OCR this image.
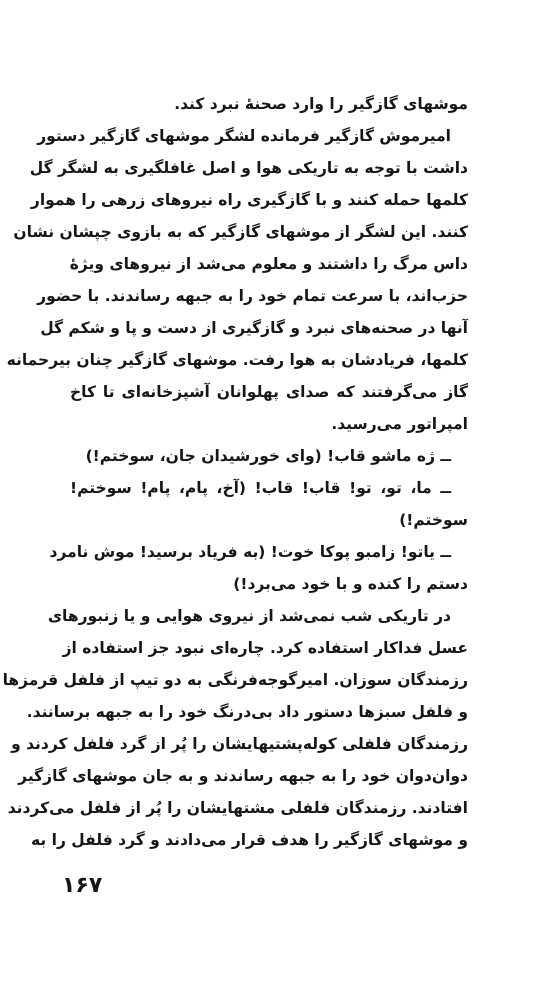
موشهای گازگیر را وارد صحنهٔ نبرد کند.
امیرموش گازگیر فرمانده لشگر موشهای گازگیر دستور
داشت با توجه به تاریکی هوا و اصل غافلگیری به لشگر گل
کلمها حمله کنند و با گازگیری راه نیروهای زرهی را هموار
کنند. این لشگر از موشهای گازگیر که به بازوی چپشان نشان
داس مرگ را داشتند و معلوم می‌شد از نیروهای ویژهٔ
حزب‌اند، با سرعت تمام خود را به جبهه رساندند. با حضور
آنها در صحنه‌های نبرد و گازگیری از دست و پا و شکم گل
کلمها، فریادشان به هوا رفت. موشهای گازگیر چنان بیرحمانه
گاز می‌گرفتند که صدای پهلوانان آشپزخانه‌ای تا کاخ
امپراتور می‌رسید.
ــ ژه ماشو قاب! (وای خورشیدان جان، سوختم!)
ــ ما، تو، تو! قاب! قاب! (آخ، پام، پام! سوختم!
سوختم!)
ــ یاتو! زامبو پوکا خوت! (به فریاد برسید! موش نامرد
دستم را کنده و با خود می‌برد!)
در تاریکی شب نمی‌شد از نیروی هوایی و یا زنبورهای
عسل فداکار استفاده کرد. چاره‌ای نبود جز استفاده از
رزمندگان سوزان. امیرگوجه‌فرنگی به دو تیپ از فلفل قرمزها
و فلفل سبزها دستور داد بی‌درنگ خود را به جبهه برسانند.
رزمندگان فلفلی کوله‌پشتیهایشان را پُر از گرد فلفل کردند و
دوان‌دوان خود را به جبهه رساندند و به جان موشهای گازگیر
افتادند. رزمندگان فلفلی مشتهایشان را پُر از فلفل می‌کردند
و موشهای گازگیر را هدف قرار می‌دادند و گرد فلفل را به
۱۶۷
